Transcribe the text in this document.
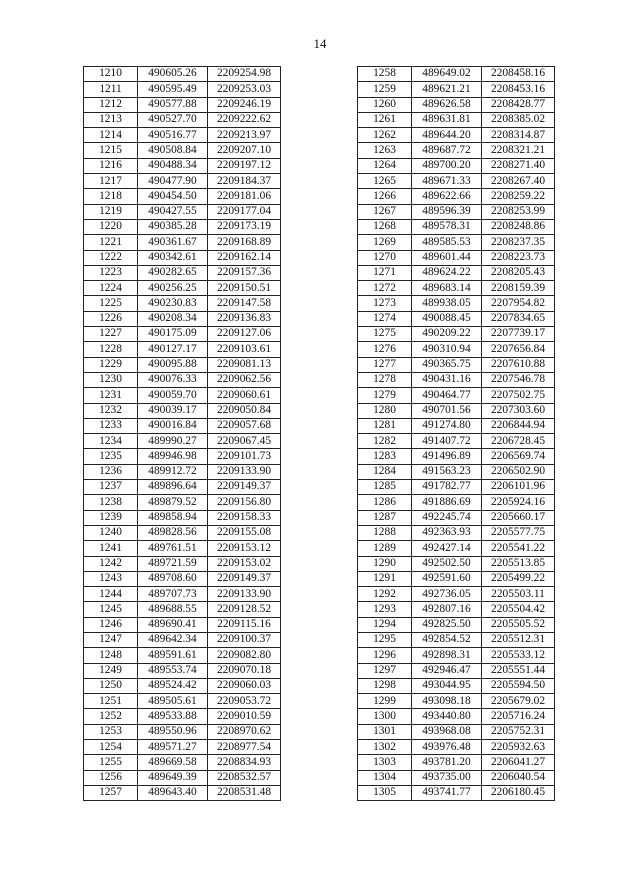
14
1210	490605.26	2209254.98
1211	490595.49	2209253.03
1212	490577.88	2209246.19
1213	490527.70	2209222.62
1214	490516.77	2209213.97
1215	490508.84	2209207.10
1216	490488.34	2209197.12
1217	490477.90	2209184.37
1218	490454.50	2209181.06
1219	490427.55	2209177.04
1220	490385.28	2209173.19
1221	490361.67	2209168.89
1222	490342.61	2209162.14
1223	490282.65	2209157.36
1224	490256.25	2209150.51
1225	490230.83	2209147.58
1226	490208.34	2209136.83
1227	490175.09	2209127.06
1228	490127.17	2209103.61
1229	490095.88	2209081.13
1230	490076.33	2209062.56
1231	490059.70	2209060.61
1232	490039.17	2209050.84
1233	490016.84	2209057.68
1234	489990.27	2209067.45
1235	489946.98	2209101.73
1236	489912.72	2209133.90
1237	489896.64	2209149.37
1238	489879.52	2209156.80
1239	489858.94	2209158.33
1240	489828.56	2209155.08
1241	489761.51	2209153.12
1242	489721.59	2209153.02
1243	489708.60	2209149.37
1244	489707.73	2209133.90
1245	489688.55	2209128.52
1246	489690.41	2209115.16
1247	489642.34	2209100.37
1248	489591.61	2209082.80
1249	489553.74	2209070.18
1250	489524.42	2209060.03
1251	489505.61	2209053.72
1252	489533.88	2209010.59
1253	489550.96	2208970.62
1254	489571.27	2208977.54
1255	489669.58	2208834.93
1256	489649.39	2208532.57
1257	489643.40	2208531.48
1258	489649.02	2208458.16
1259	489621.21	2208453.16
1260	489626.58	2208428.77
1261	489631.81	2208385.02
1262	489644.20	2208314.87
1263	489687.72	2208321.21
1264	489700.20	2208271.40
1265	489671.33	2208267.40
1266	489622.66	2208259.22
1267	489596.39	2208253.99
1268	489578.31	2208248.86
1269	489585.53	2208237.35
1270	489601.44	2208223.73
1271	489624.22	2208205.43
1272	489683.14	2208159.39
1273	489938.05	2207954.82
1274	490088.45	2207834.65
1275	490209.22	2207739.17
1276	490310.94	2207656.84
1277	490365.75	2207610.88
1278	490431.16	2207546.78
1279	490464.77	2207502.75
1280	490701.56	2207303.60
1281	491274.80	2206844.94
1282	491407.72	2206728.45
1283	491496.89	2206569.74
1284	491563.23	2206502.90
1285	491782.77	2206101.96
1286	491886.69	2205924.16
1287	492245.74	2205660.17
1288	492363.93	2205577.75
1289	492427.14	2205541.22
1290	492502.50	2205513.85
1291	492591.60	2205499.22
1292	492736.05	2205503.11
1293	492807.16	2205504.42
1294	492825.50	2205505.52
1295	492854.52	2205512.31
1296	492898.31	2205533.12
1297	492946.47	2205551.44
1298	493044.95	2205594.50
1299	493098.18	2205679.02
1300	493440.80	2205716.24
1301	493968.08	2205752.31
1302	493976.48	2205932.63
1303	493781.20	2206041.27
1304	493735.00	2206040.54
1305	493741.77	2206180.45
